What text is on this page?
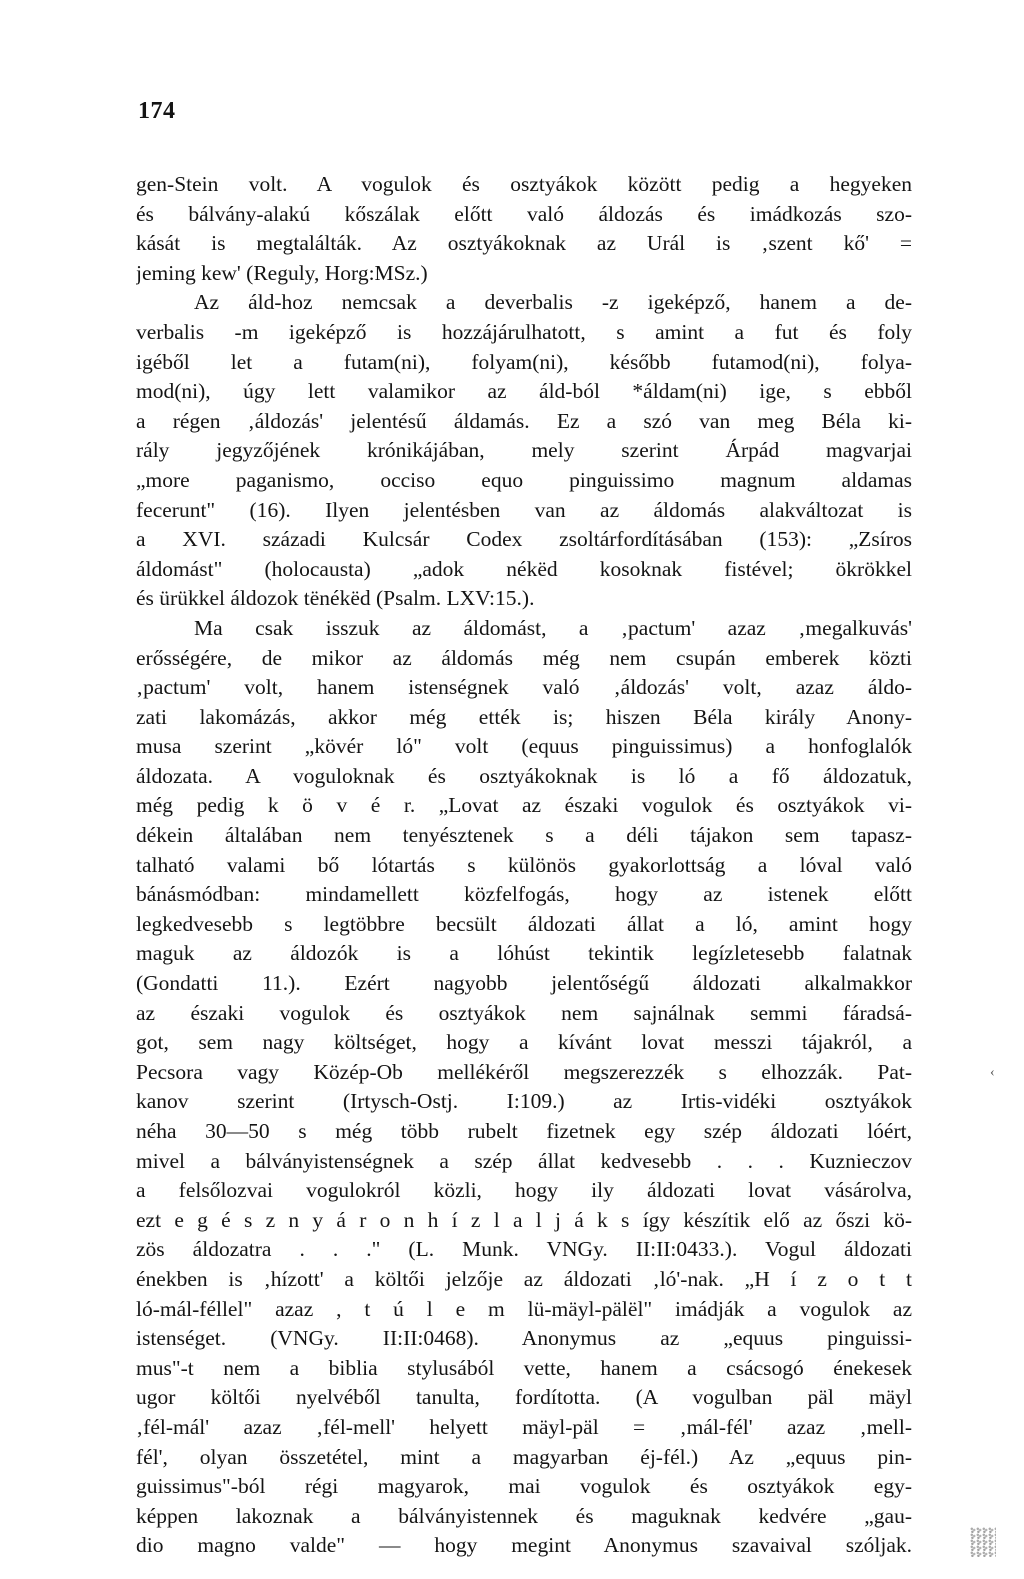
174
gen-Stein volt. A vogulok és osztyákok között pedig a hegyeken
és bálvány-alakú kőszálak előtt való áldozás és imádkozás szo-
kását is megtalálták. Az osztyákoknak az Urál is ‚szent kő' =
jeming kew' (Reguly, Horg:MSz.)
Az áld-hoz nemcsak a deverbalis -z igeképző, hanem a de-
verbalis -m igeképző is hozzájárulhatott, s amint a fut és foly
igéből let a futam(ni), folyam(ni), később futamod(ni), folya-
mod(ni), úgy lett valamikor az áld-ból *áldam(ni) ige, s ebből
a régen ‚áldozás' jelentésű áldamás. Ez a szó van meg Béla ki-
rály jegyzőjének krónikájában, mely szerint Árpád magvarjai
„more paganismo, occiso equo pinguissimo magnum aldamas
fecerunt" (16). Ilyen jelentésben van az áldomás alakváltozat is
a XVI. századi Kulcsár Codex zsoltárfordításában (153): „Zsíros
áldomást" (holocausta) „adok nékëd kosoknak fistével; ökrökkel
és ürükkel áldozok tënékëd (Psalm. LXV:15.).
Ma csak isszuk az áldomást, a ‚pactum' azaz ‚megalkuvás'
erősségére, de mikor az áldomás még nem csupán emberek közti
‚pactum' volt, hanem istenségnek való ‚áldozás' volt, azaz áldo-
zati lakomázás, akkor még ették is; hiszen Béla király Anony-
musa szerint „kövér ló" volt (equus pinguissimus) a honfoglalók
áldozata. A voguloknak és osztyákoknak is ló a fő áldozatuk,
még pedig k ö v é r. „Lovat az északi vogulok és osztyákok vi-
dékein általában nem tenyésztenek s a déli tájakon sem tapasz-
talható valami bő lótartás s különös gyakorlottság a lóval való
bánásmódban: mindamellett közfelfogás, hogy az istenek előtt
legkedvesebb s legtöbbre becsült áldozati állat a ló, amint hogy
maguk az áldozók is a lóhúst tekintik legízletesebb falatnak
(Gondatti 11.). Ezért nagyobb jelentőségű áldozati alkalmakkor
az északi vogulok és osztyákok nem sajnálnak semmi fáradsá-
got, sem nagy költséget, hogy a kívánt lovat messzi tájakról, a
Pecsora vagy Közép-Ob mellékéről megszerezzék s elhozzák. Pat-
kanov szerint (Irtysch-Ostj. I:109.) az Irtis-vidéki osztyákok
néha 30—50 s még több rubelt fizetnek egy szép áldozati lóért,
mivel a bálványistenségnek a szép állat kedvesebb . . . Kuznieczov
a felsőlozvai vogulokról közli, hogy ily áldozati lovat vásárolva,
ezt e g é s z n y á r o n h í z l a l j á k s így készítik elő az őszi kö-
zös áldozatra . . ." (L. Munk. VNGy. II:II:0433.). Vogul áldozati
énekben is ‚hízott' a költői jelzője az áldozati ‚ló'-nak. „H í z o t t
ló-mál-féllel" azaz , t ú l e m lü-mäyl-pälël" imádják a vogulok az
istenséget. (VNGy. II:II:0468). Anonymus az „equus pinguissi-
mus"-t nem a biblia stylusából vette, hanem a csácsogó énekesek
ugor költői nyelvéből tanulta, fordította. (A vogulban päl mäyl
‚fél-mál' azaz ‚fél-mell' helyett mäyl-päl = ‚mál-fél' azaz ‚mell-
fél', olyan összetétel, mint a magyarban éj-fél.) Az „equus pin-
guissimus"-ból régi magyarok, mai vogulok és osztyákok egy-
képpen lakoznak a bálványistennek és maguknak kedvére „gau-
dio magno valde" — hogy megint Anonymus szavaival szóljak.
‹
